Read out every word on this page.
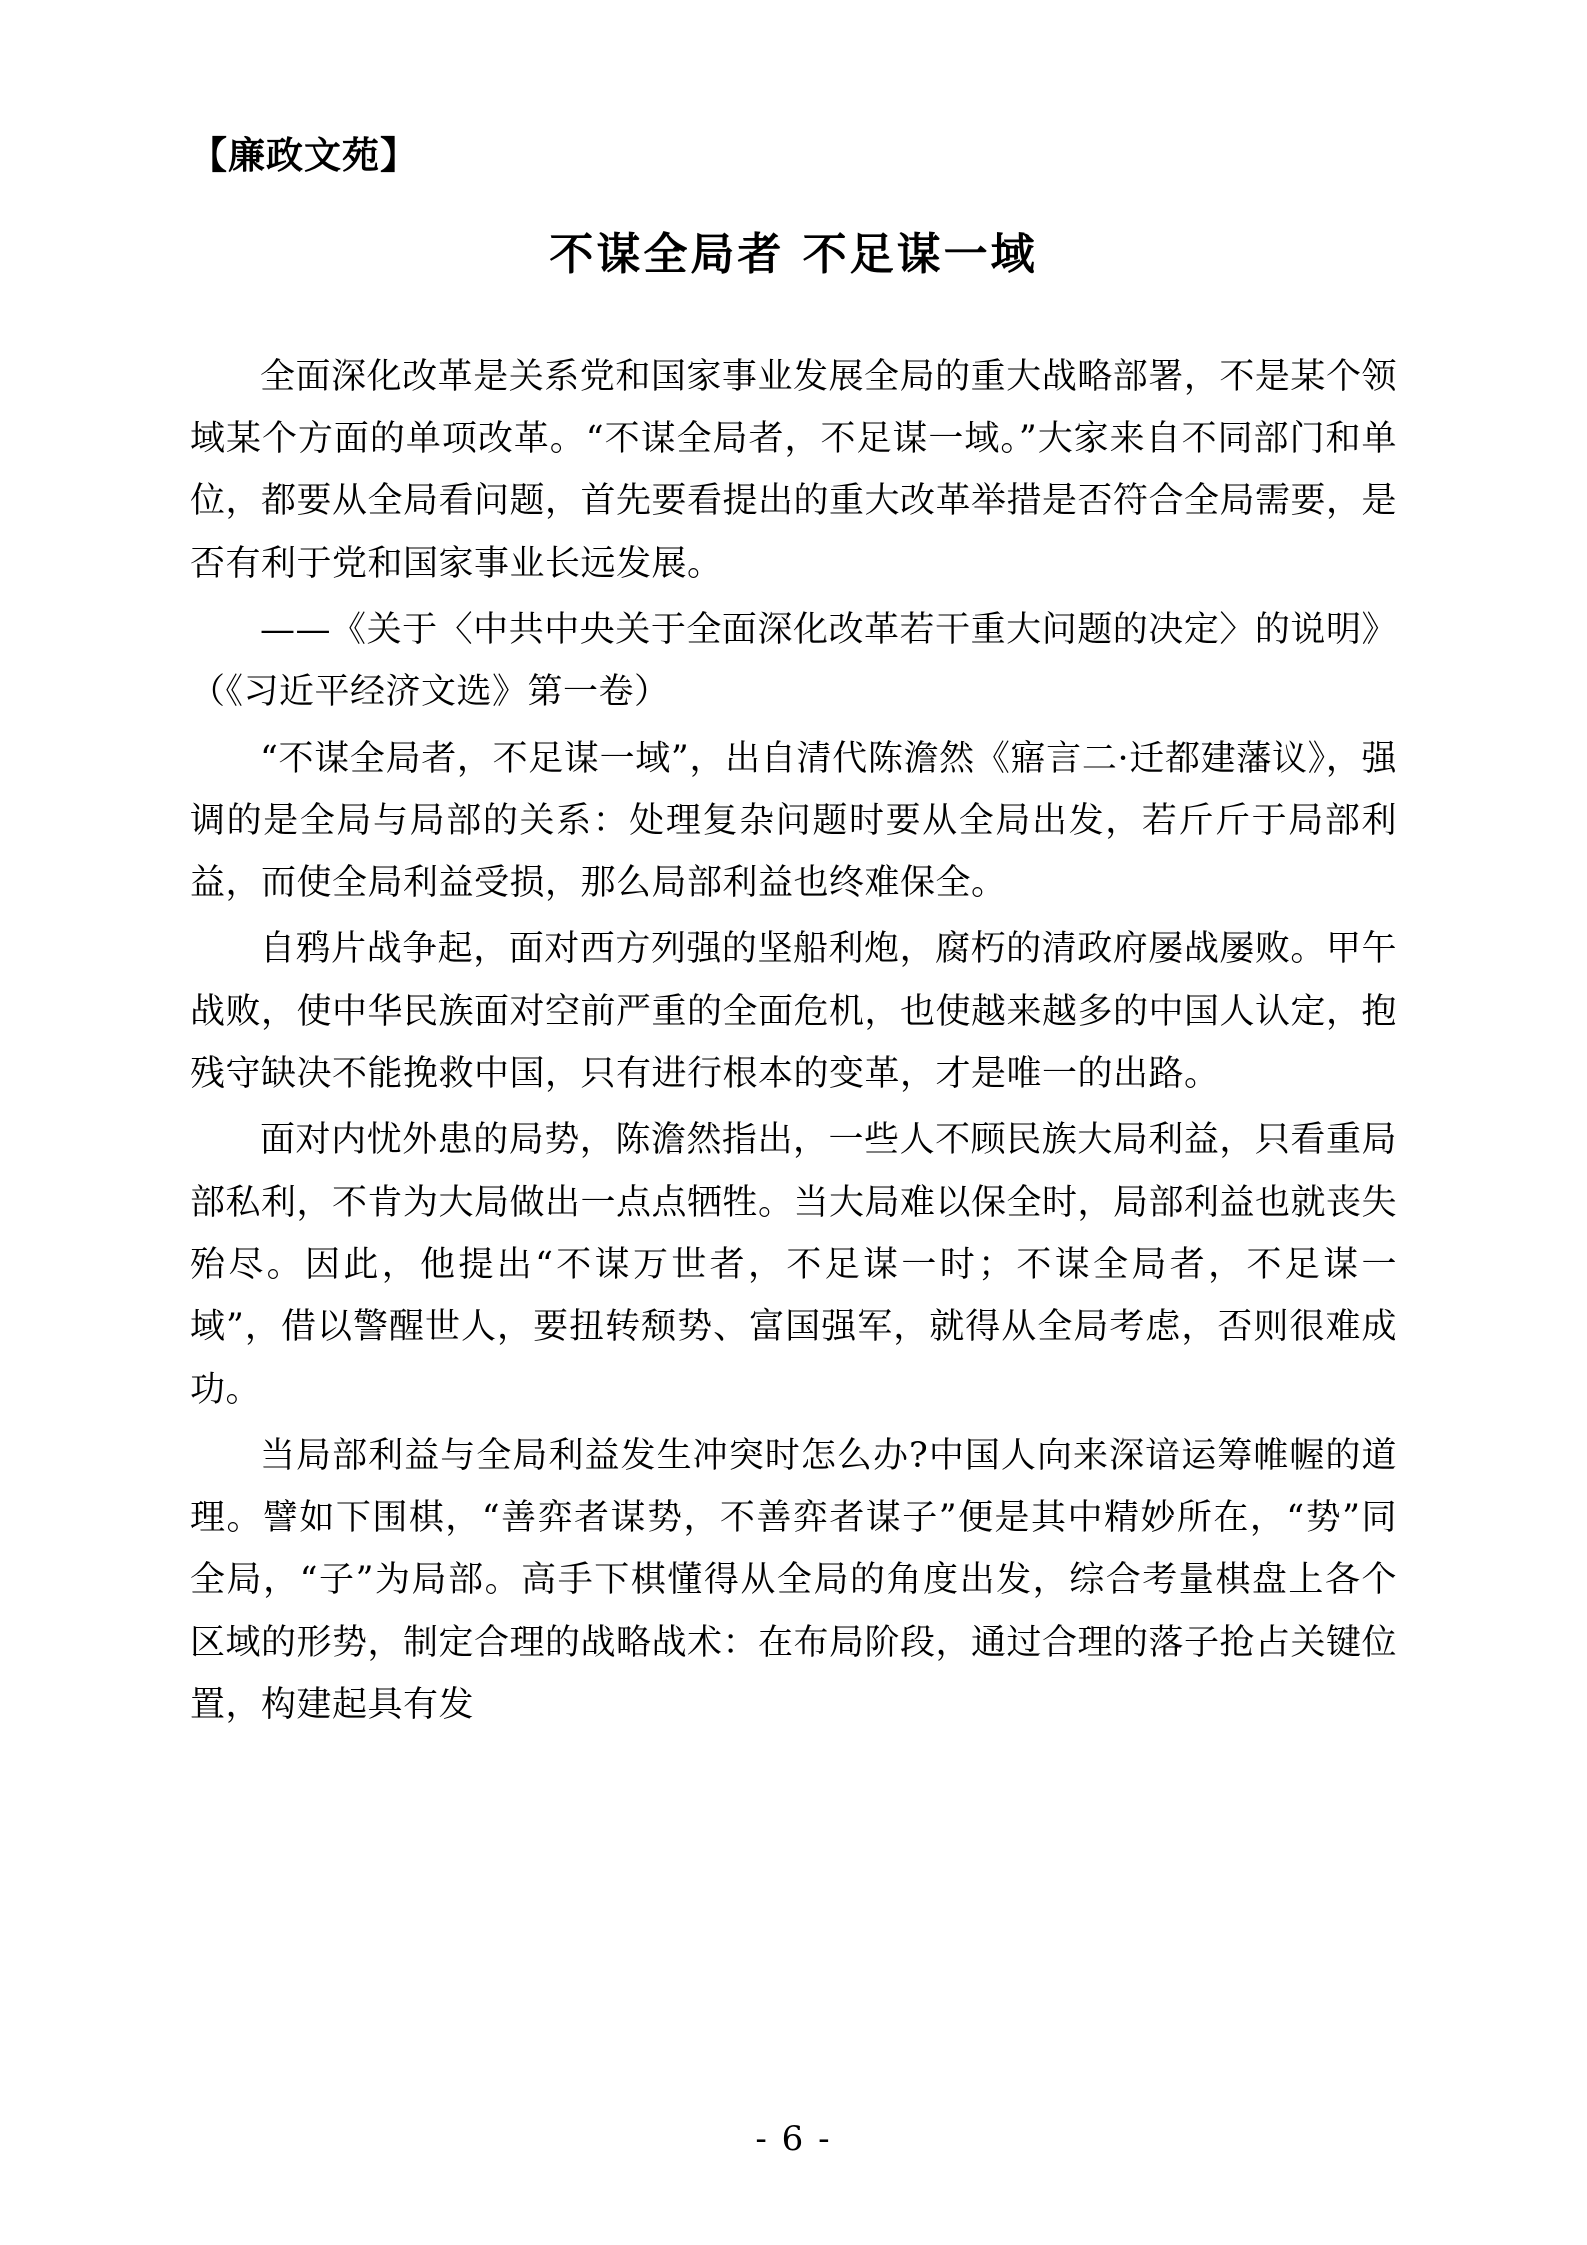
【廉政文苑】
不谋全局者 不足谋一域

全面深化改革是关系党和国家事业发展全局的重大战略部署，不是某个领域某个方面的单项改革。“不谋全局者，不足谋一域。”大家来自不同部门和单位，都要从全局看问题，首先要看提出的重大改革举措是否符合全局需要，是否有利于党和国家事业长远发展。

——《关于〈中共中央关于全面深化改革若干重大问题的决定〉的说明》（《习近平经济文选》第一卷）

“不谋全局者，不足谋一域”，出自清代陈澹然《寤言二·迁都建藩议》，强调的是全局与局部的关系：处理复杂问题时要从全局出发，若斤斤于局部利益，而使全局利益受损，那么局部利益也终难保全。

自鸦片战争起，面对西方列强的坚船利炮，腐朽的清政府屡战屡败。甲午战败，使中华民族面对空前严重的全面危机，也使越来越多的中国人认定，抱残守缺决不能挽救中国，只有进行根本的变革，才是唯一的出路。

面对内忧外患的局势，陈澹然指出，一些人不顾民族大局利益，只看重局部私利，不肯为大局做出一点点牺牲。当大局难以保全时，局部利益也就丧失殆尽。因此，他提出“不谋万世者，不足谋一时；不谋全局者，不足谋一域”，借以警醒世人，要扭转颓势、富国强军，就得从全局考虑，否则很难成功。

当局部利益与全局利益发生冲突时怎么办?中国人向来深谙运筹帷幄的道理。譬如下围棋，“善弈者谋势，不善弈者谋子”便是其中精妙所在，“势”同全局，“子”为局部。高手下棋懂得从全局的角度出发，综合考量棋盘上各个区域的形势，制定合理的战略战术：在布局阶段，通过合理的落子抢占关键位置，构建起具有发

- 6 -
